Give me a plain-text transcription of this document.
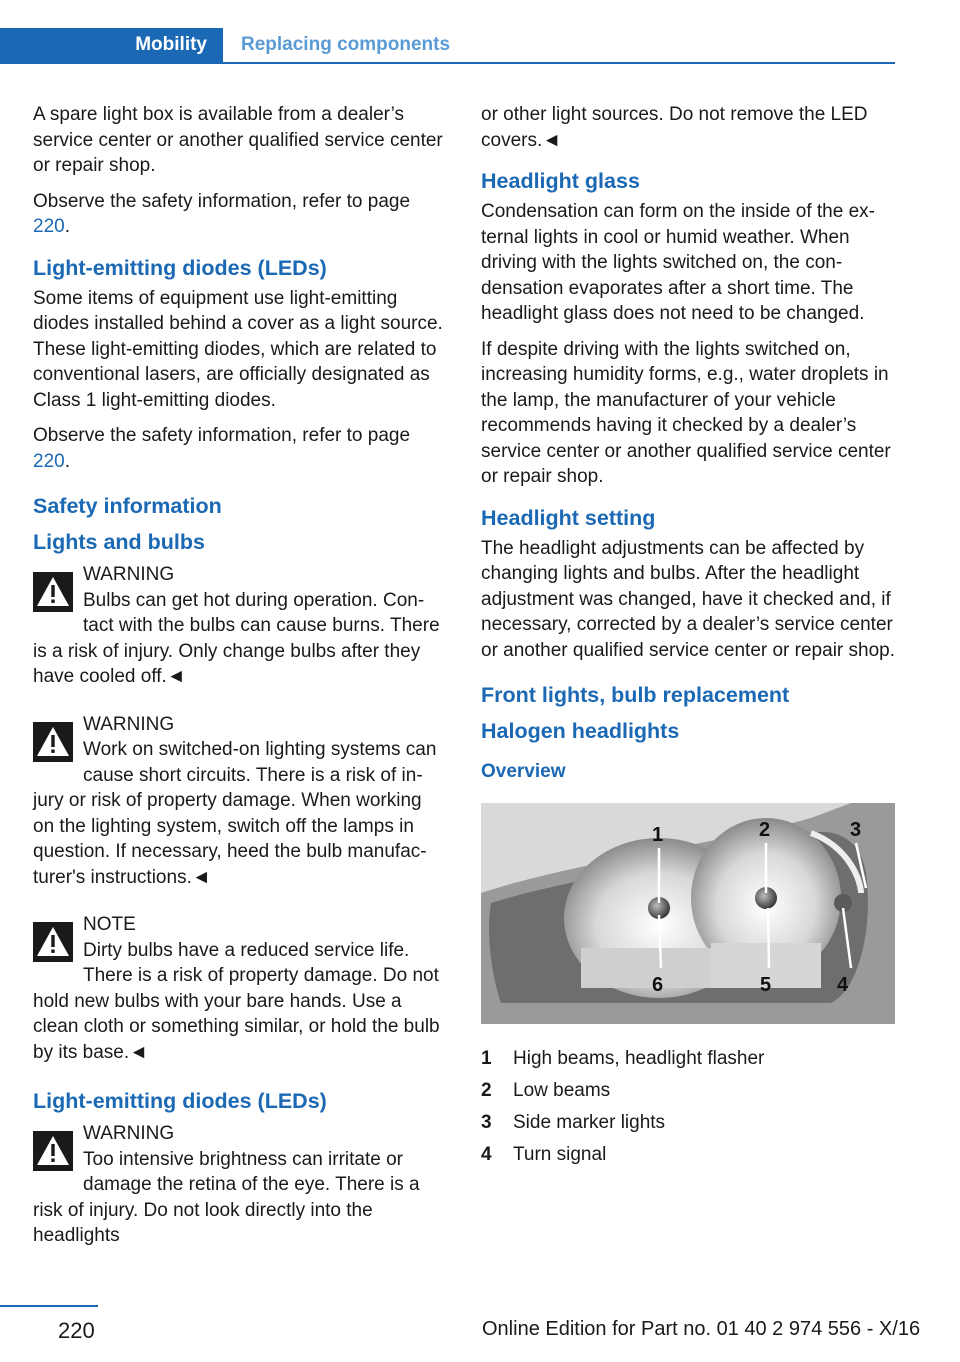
Mobility	Replacing components

A spare light box is available from a dealer’s service center or another qualified service center or repair shop.

Observe the safety information, refer to page 220.

Light-emitting diodes (LEDs)

Some items of equipment use light-emitting diodes installed behind a cover as a light source. These light-emitting diodes, which are related to conventional lasers, are officially designated as Class 1 light-emitting diodes.

Observe the safety information, refer to page 220.

Safety information
Lights and bulbs
WARNING
Bulbs can get hot during operation. Contact with the bulbs can cause burns. There is a risk of injury. Only change bulbs after they have cooled off.◄
WARNING
Work on switched-on lighting systems can cause short circuits. There is a risk of injury or risk of property damage. When working on the lighting system, switch off the lamps in question. If necessary, heed the bulb manufacturer's instructions.◄
NOTE
Dirty bulbs have a reduced service life. There is a risk of property damage. Do not hold new bulbs with your bare hands. Use a clean cloth or something similar, or hold the bulb by its base.◄
Light-emitting diodes (LEDs)
WARNING
Too intensive brightness can irritate or damage the retina of the eye. There is a risk of injury. Do not look directly into the headlights

or other light sources. Do not remove the LED covers.◄

Headlight glass

Condensation can form on the inside of the external lights in cool or humid weather. When driving with the lights switched on, the condensation evaporates after a short time. The headlight glass does not need to be changed.

If despite driving with the lights switched on, increasing humidity forms, e.g., water droplets in the lamp, the manufacturer of your vehicle recommends having it checked by a dealer’s service center or another qualified service center or repair shop.

Headlight setting

The headlight adjustments can be affected by changing lights and bulbs. After the headlight adjustment was changed, have it checked and, if necessary, corrected by a dealer’s service center or another qualified service center or repair shop.

Front lights, bulb replacement
Halogen headlights
Overview
1	2	3
4
5
6
1	High beams, headlight flasher
2	Low beams
3	Side marker lights
4	Turn signal
220	Online Edition for Part no. 01 40 2 974 556 - X/16
